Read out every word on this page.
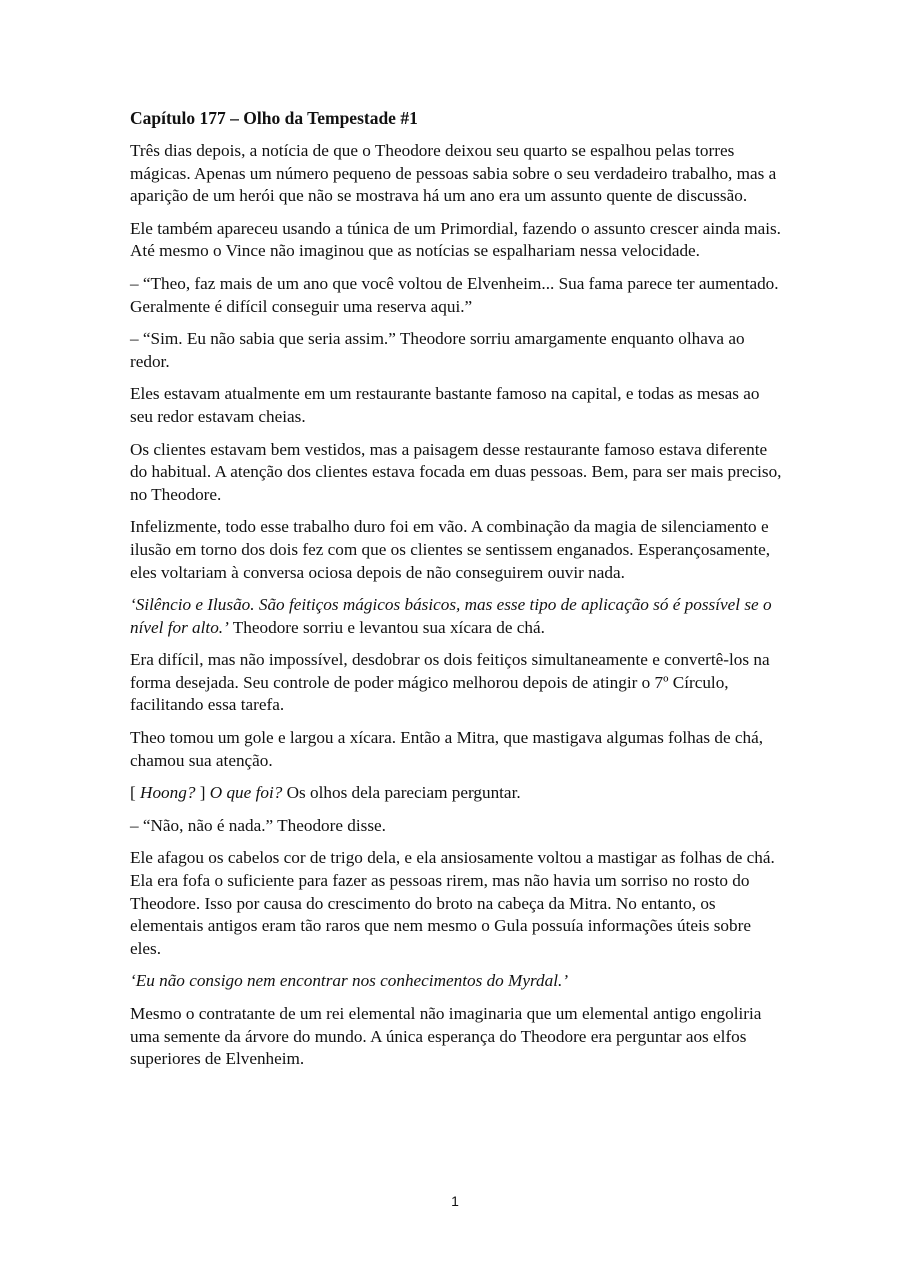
Capítulo 177 – Olho da Tempestade #1

Três dias depois, a notícia de que o Theodore deixou seu quarto se espalhou pelas torres mágicas. Apenas um número pequeno de pessoas sabia sobre o seu verdadeiro trabalho, mas a aparição de um herói que não se mostrava há um ano era um assunto quente de discussão.

Ele também apareceu usando a túnica de um Primordial, fazendo o assunto crescer ainda mais. Até mesmo o Vince não imaginou que as notícias se espalhariam nessa velocidade.

– “Theo, faz mais de um ano que você voltou de Elvenheim... Sua fama parece ter aumentado. Geralmente é difícil conseguir uma reserva aqui.”

– “Sim. Eu não sabia que seria assim.” Theodore sorriu amargamente enquanto olhava ao redor.

Eles estavam atualmente em um restaurante bastante famoso na capital, e todas as mesas ao seu redor estavam cheias.

Os clientes estavam bem vestidos, mas a paisagem desse restaurante famoso estava diferente do habitual. A atenção dos clientes estava focada em duas pessoas. Bem, para ser mais preciso, no Theodore.

Infelizmente, todo esse trabalho duro foi em vão. A combinação da magia de silenciamento e ilusão em torno dos dois fez com que os clientes se sentissem enganados. Esperançosamente, eles voltariam à conversa ociosa depois de não conseguirem ouvir nada.

‘Silêncio e Ilusão. São feitiços mágicos básicos, mas esse tipo de aplicação só é possível se o nível for alto.’ Theodore sorriu e levantou sua xícara de chá.

Era difícil, mas não impossível, desdobrar os dois feitiços simultaneamente e convertê-los na forma desejada. Seu controle de poder mágico melhorou depois de atingir o 7º Círculo, facilitando essa tarefa.

Theo tomou um gole e largou a xícara. Então a Mitra, que mastigava algumas folhas de chá, chamou sua atenção.

[ Hoong? ] O que foi? Os olhos dela pareciam perguntar.

– “Não, não é nada.” Theodore disse.

Ele afagou os cabelos cor de trigo dela, e ela ansiosamente voltou a mastigar as folhas de chá. Ela era fofa o suficiente para fazer as pessoas rirem, mas não havia um sorriso no rosto do Theodore. Isso por causa do crescimento do broto na cabeça da Mitra. No entanto, os elementais antigos eram tão raros que nem mesmo o Gula possuía informações úteis sobre eles.

‘Eu não consigo nem encontrar nos conhecimentos do Myrdal.’

Mesmo o contratante de um rei elemental não imaginaria que um elemental antigo engoliria uma semente da árvore do mundo. A única esperança do Theodore era perguntar aos elfos superiores de Elvenheim.

1
